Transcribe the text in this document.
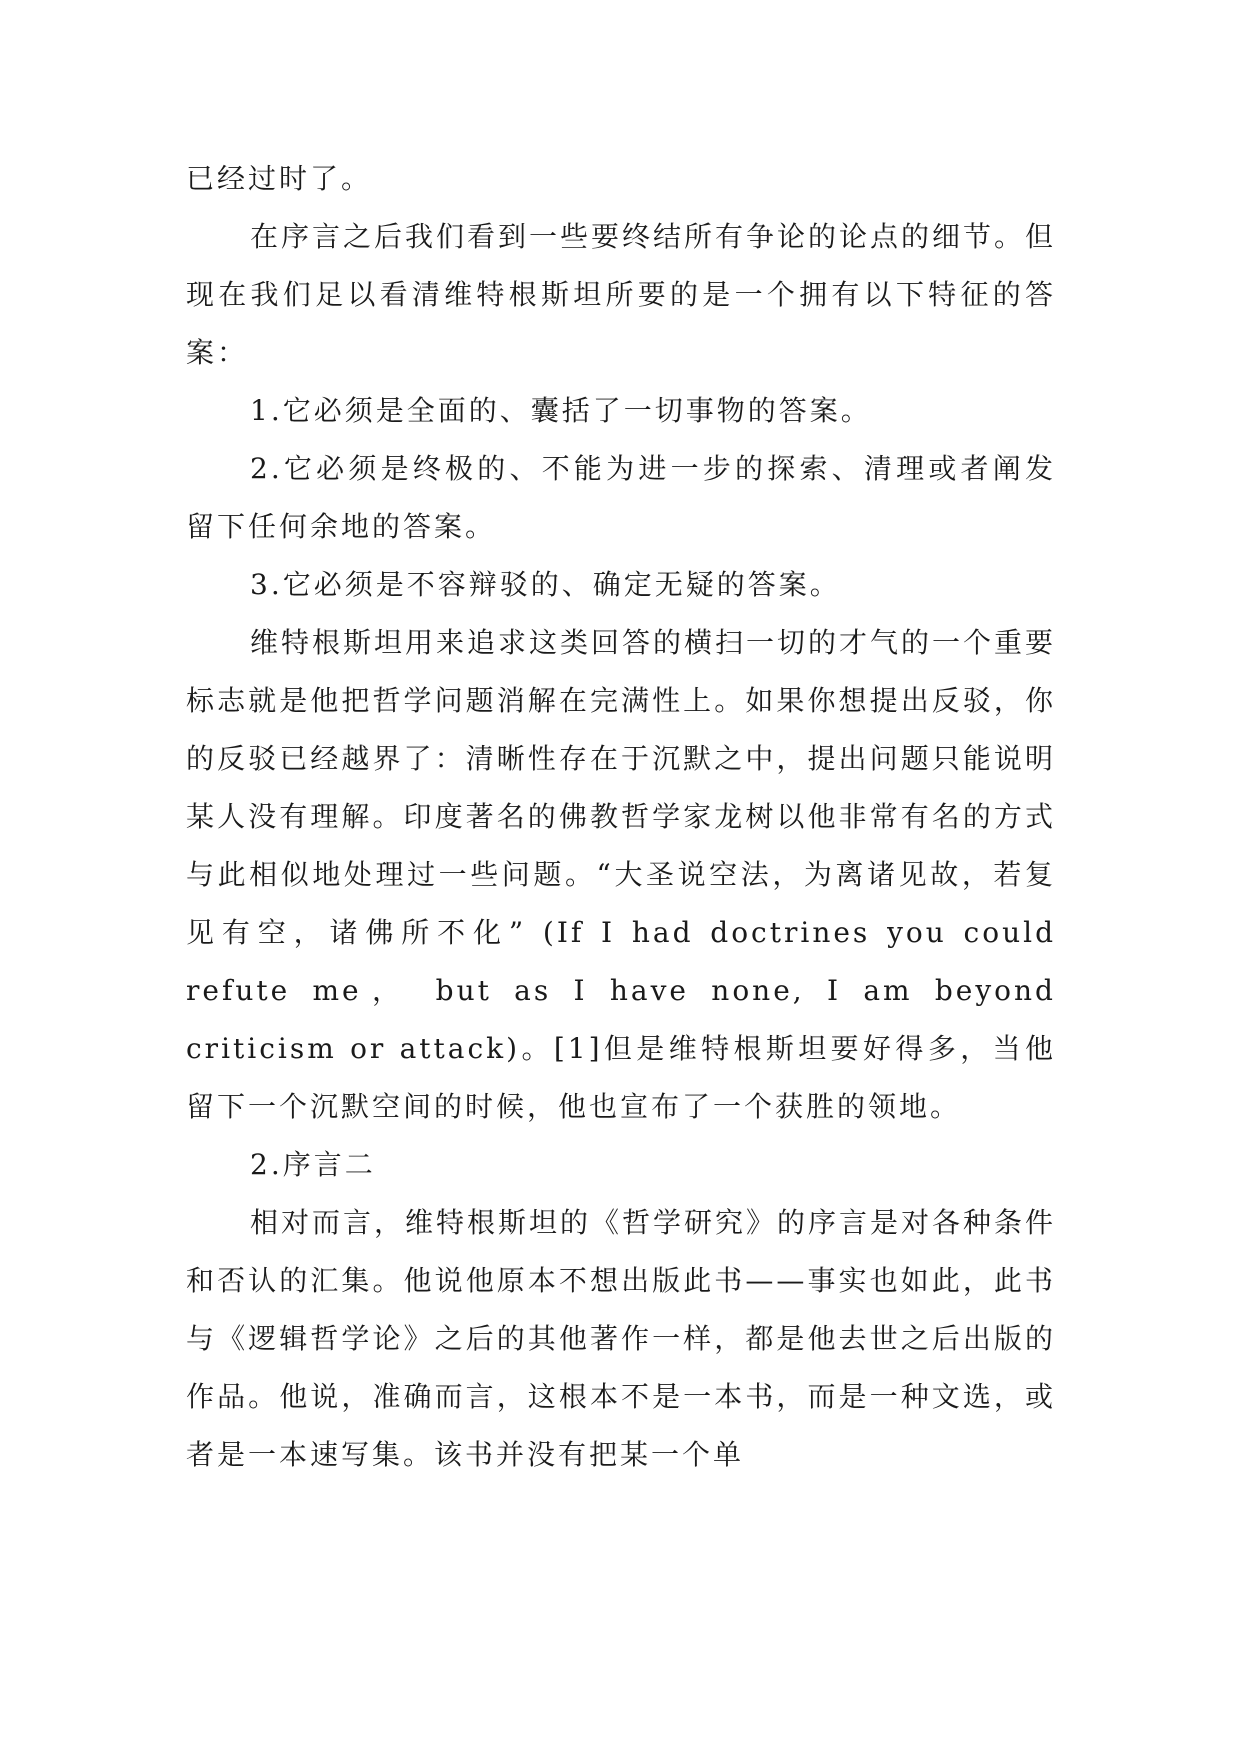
已经过时了。

在序言之后我们看到一些要终结所有争论的论点的细节。但现在我们足以看清维特根斯坦所要的是一个拥有以下特征的答案：

1.它必须是全面的、囊括了一切事物的答案。

2.它必须是终极的、不能为进一步的探索、清理或者阐发留下任何余地的答案。

3.它必须是不容辩驳的、确定无疑的答案。

维特根斯坦用来追求这类回答的横扫一切的才气的一个重要标志就是他把哲学问题消解在完满性上。如果你想提出反驳，你的反驳已经越界了：清晰性存在于沉默之中，提出问题只能说明某人没有理解。印度著名的佛教哲学家龙树以他非常有名的方式与此相似地处理过一些问题。“大圣说空法，为离诸见故，若复见有空，诸佛所不化” (If I had doctrines you could refute me， but as I have none, I am beyond criticism or attack)。[1]但是维特根斯坦要好得多，当他留下一个沉默空间的时候，他也宣布了一个获胜的领地。

2.序言二

相对而言，维特根斯坦的《哲学研究》的序言是对各种条件和否认的汇集。他说他原本不想出版此书——事实也如此，此书与《逻辑哲学论》之后的其他著作一样，都是他去世之后出版的作品。他说，准确而言，这根本不是一本书，而是一种文选，或者是一本速写集。该书并没有把某一个单
